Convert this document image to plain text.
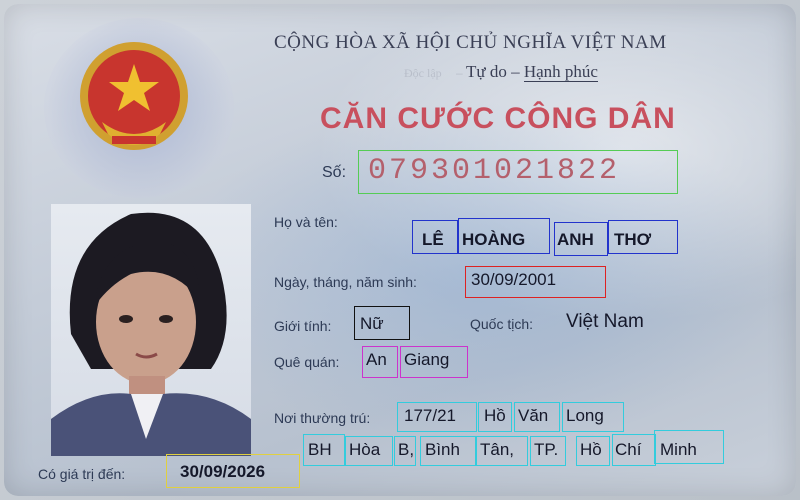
CỘNG HÒA XÃ HỘI CHỦ NGHĨA VIỆT NAM
Tự do – Hạnh phúc
Độc lập –
CĂN CƯỚC CÔNG DÂN
Số: 079301021822
Họ và tên:
LÊ HOÀNG ANH THƠ
Ngày, tháng, năm sinh:	30/09/2001
Giới tính: Nữ	Quốc tịch: Việt Nam
Quê quán: An Giang
Nơi thường trú: 177/21 Hồ Văn Long
BH Hòa B, Bình Tân, TP. Hồ Chí Minh
Có giá trị đến:	30/09/2026
